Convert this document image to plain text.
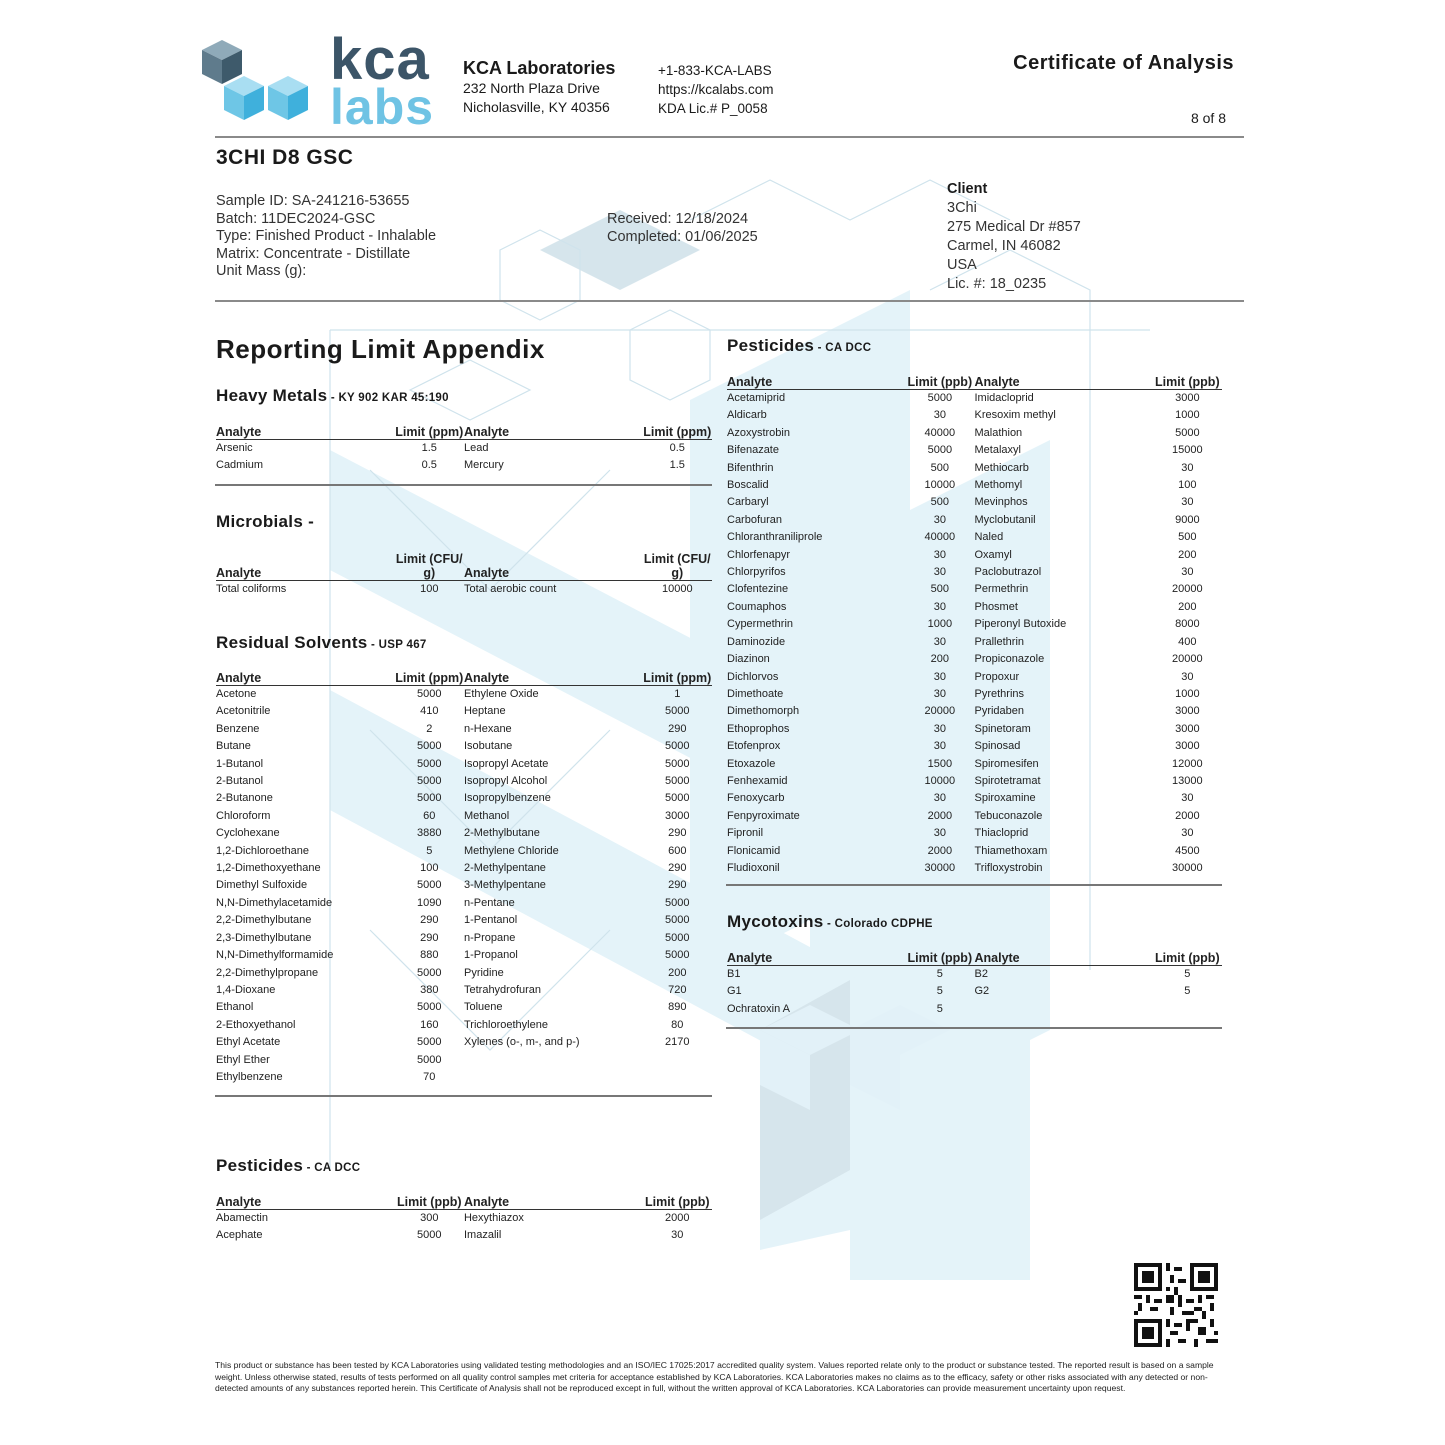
kca
labs
KCA Laboratories
232 North Plaza Drive
Nicholasville, KY 40356
+1-833-KCA-LABS
https://kcalabs.com
KDA Lic.# P_0058
Certificate of Analysis
8 of 8
3CHI D8 GSC
Sample ID: SA-241216-53655
Batch: 11DEC2024-GSC
Type: Finished Product - Inhalable
Matrix: Concentrate - Distillate
Unit Mass (g):
Received: 12/18/2024
Completed: 01/06/2025
Client
3Chi
275 Medical Dr #857
Carmel, IN 46082
USA
Lic. #: 18_0235
Reporting Limit Appendix
Heavy Metals - KY 902 KAR 45:190
Analyte	Limit (ppm)	Analyte	Limit (ppm)
Arsenic	1.5	Lead	0.5
Cadmium	0.5	Mercury	1.5
Microbials -
Analyte	Limit (CFU/ g)	Analyte	Limit (CFU/ g)
Total coliforms	100	Total aerobic count	10000
Residual Solvents - USP 467
Analyte	Limit (ppm)	Analyte	Limit (ppm)
Acetone	5000	Ethylene Oxide	1
Acetonitrile	410	Heptane	5000
Benzene	2	n-Hexane	290
Butane	5000	Isobutane	5000
1-Butanol	5000	Isopropyl Acetate	5000
2-Butanol	5000	Isopropyl Alcohol	5000
2-Butanone	5000	Isopropylbenzene	5000
Chloroform	60	Methanol	3000
Cyclohexane	3880	2-Methylbutane	290
1,2-Dichloroethane	5	Methylene Chloride	600
1,2-Dimethoxyethane	100	2-Methylpentane	290
Dimethyl Sulfoxide	5000	3-Methylpentane	290
N,N-Dimethylacetamide	1090	n-Pentane	5000
2,2-Dimethylbutane	290	1-Pentanol	5000
2,3-Dimethylbutane	290	n-Propane	5000
N,N-Dimethylformamide	880	1-Propanol	5000
2,2-Dimethylpropane	5000	Pyridine	200
1,4-Dioxane	380	Tetrahydrofuran	720
Ethanol	5000	Toluene	890
2-Ethoxyethanol	160	Trichloroethylene	80
Ethyl Acetate	5000	Xylenes (o-, m-, and p-)	2170
Ethyl Ether	5000		
Ethylbenzene	70		
Pesticides - CA DCC
Analyte	Limit (ppb)	Analyte	Limit (ppb)
Abamectin	300	Hexythiazox	2000
Acephate	5000	Imazalil	30
Pesticides - CA DCC
Analyte	Limit (ppb)	Analyte	Limit (ppb)
Acetamiprid	5000	Imidacloprid	3000
Aldicarb	30	Kresoxim methyl	1000
Azoxystrobin	40000	Malathion	5000
Bifenazate	5000	Metalaxyl	15000
Bifenthrin	500	Methiocarb	30
Boscalid	10000	Methomyl	100
Carbaryl	500	Mevinphos	30
Carbofuran	30	Myclobutanil	9000
Chloranthraniliprole	40000	Naled	500
Chlorfenapyr	30	Oxamyl	200
Chlorpyrifos	30	Paclobutrazol	30
Clofentezine	500	Permethrin	20000
Coumaphos	30	Phosmet	200
Cypermethrin	1000	Piperonyl Butoxide	8000
Daminozide	30	Prallethrin	400
Diazinon	200	Propiconazole	20000
Dichlorvos	30	Propoxur	30
Dimethoate	30	Pyrethrins	1000
Dimethomorph	20000	Pyridaben	3000
Ethoprophos	30	Spinetoram	3000
Etofenprox	30	Spinosad	3000
Etoxazole	1500	Spiromesifen	12000
Fenhexamid	10000	Spirotetramat	13000
Fenoxycarb	30	Spiroxamine	30
Fenpyroximate	2000	Tebuconazole	2000
Fipronil	30	Thiacloprid	30
Flonicamid	2000	Thiamethoxam	4500
Fludioxonil	30000	Trifloxystrobin	30000
Mycotoxins - Colorado CDPHE
Analyte	Limit (ppb)	Analyte	Limit (ppb)
B1	5	B2	5
G1	5	G2	5
Ochratoxin A	5		
This product or substance has been tested by KCA Laboratories using validated testing methodologies and an ISO/IEC 17025:2017 accredited quality system. Values reported relate only to the product or substance tested. The reported result is based on a sample weight. Unless otherwise stated, results of tests performed on all quality control samples met criteria for acceptance established by KCA Laboratories. KCA Laboratories makes no claims as to the efficacy, safety or other risks associated with any detected or non-detected amounts of any substances reported herein. This Certificate of Analysis shall not be reproduced except in full, without the written approval of KCA Laboratories. KCA Laboratories can provide measurement uncertainty upon request.
